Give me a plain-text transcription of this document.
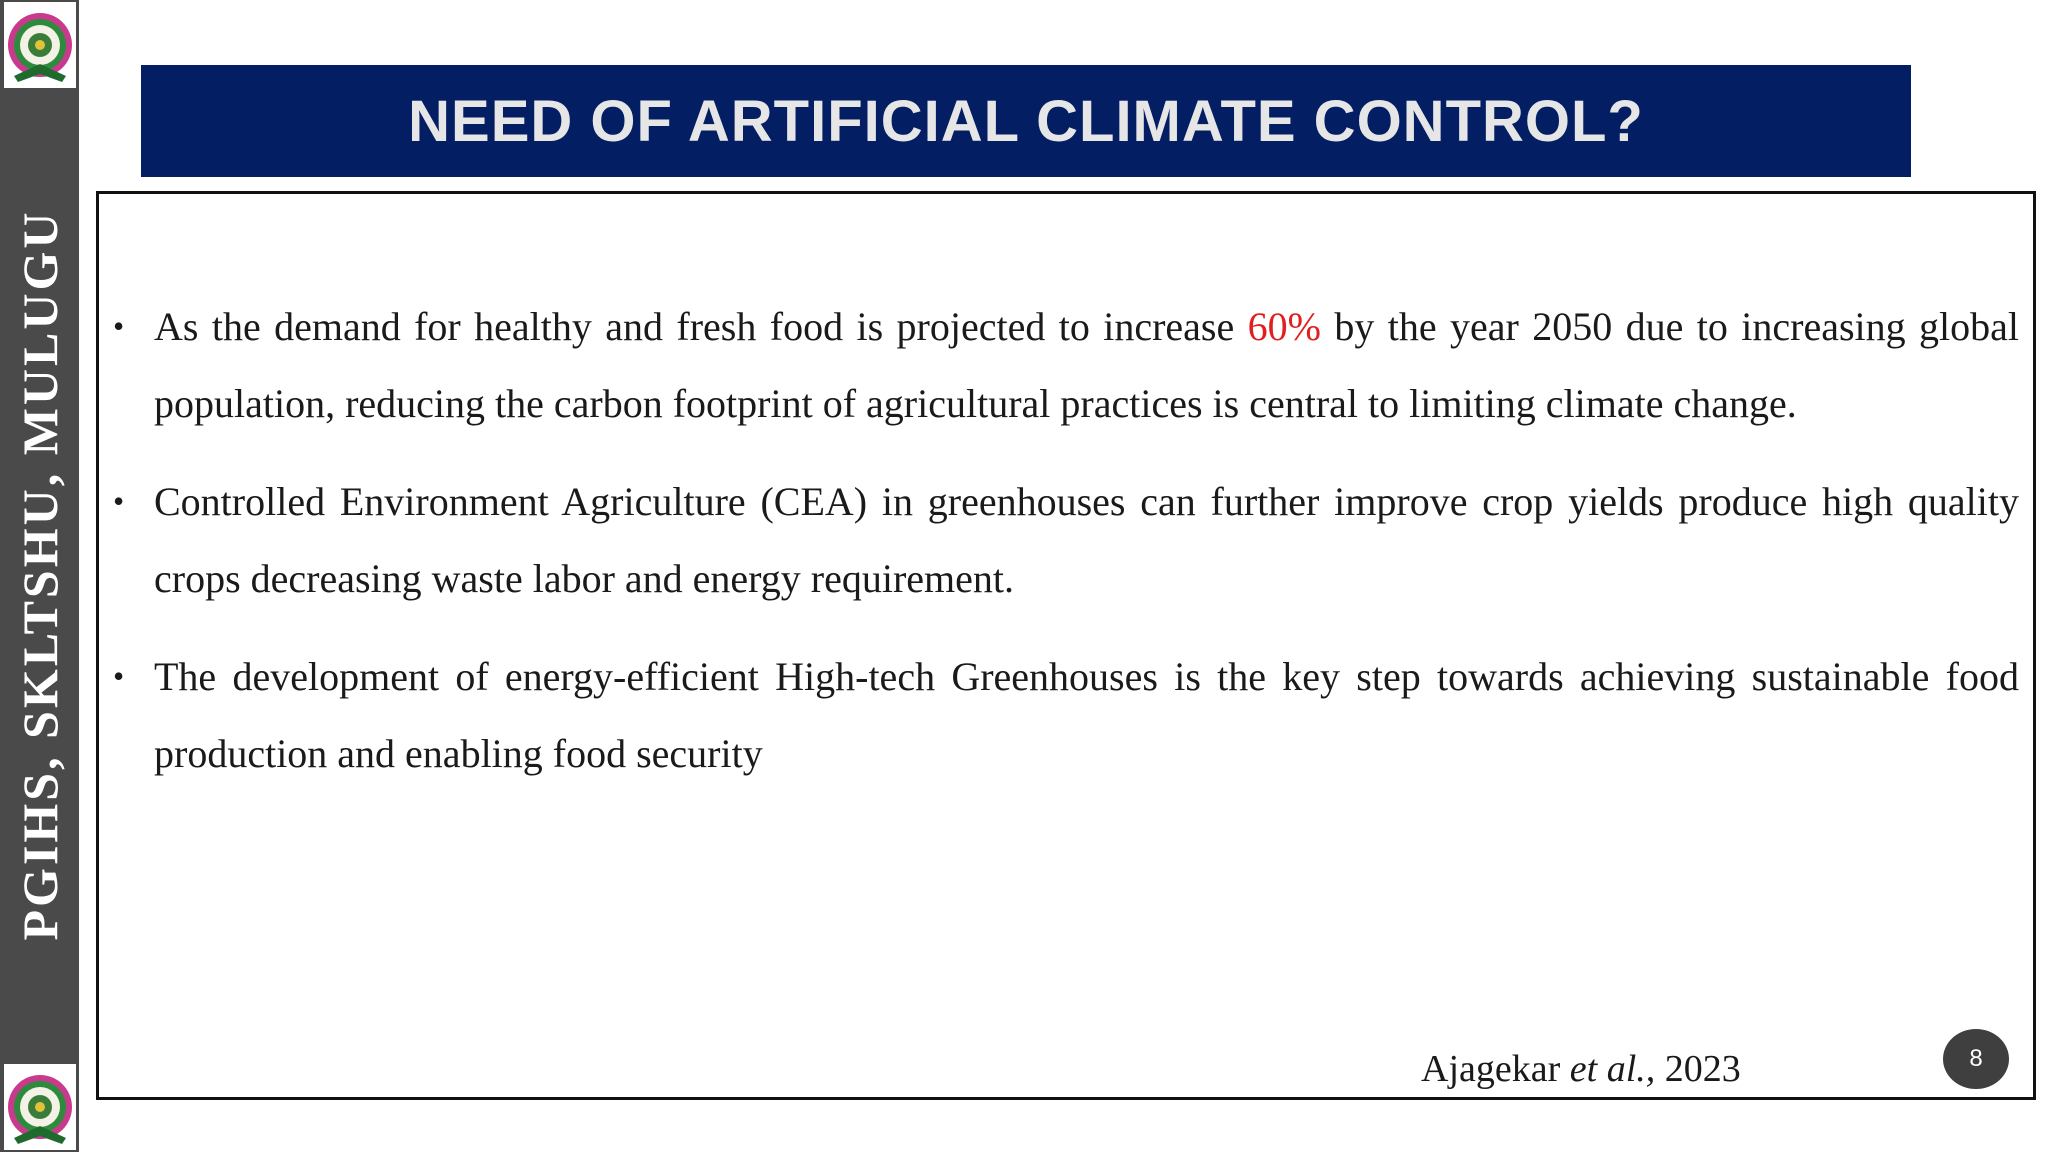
PGIHS, SKLTSHU, MULUGU
NEED OF ARTIFICIAL CLIMATE CONTROL?
• As the demand for healthy and fresh food is projected to increase 60% by the year 2050 due to increasing global population, reducing the carbon footprint of agricultural practices is central to limiting climate change.
• Controlled Environment Agriculture (CEA) in greenhouses can further improve crop yields produce high quality crops decreasing waste labor and energy requirement.
• The development of energy-efficient High-tech Greenhouses is the key step towards achieving sustainable food production and enabling food security
Ajagekar et al., 2023	8
